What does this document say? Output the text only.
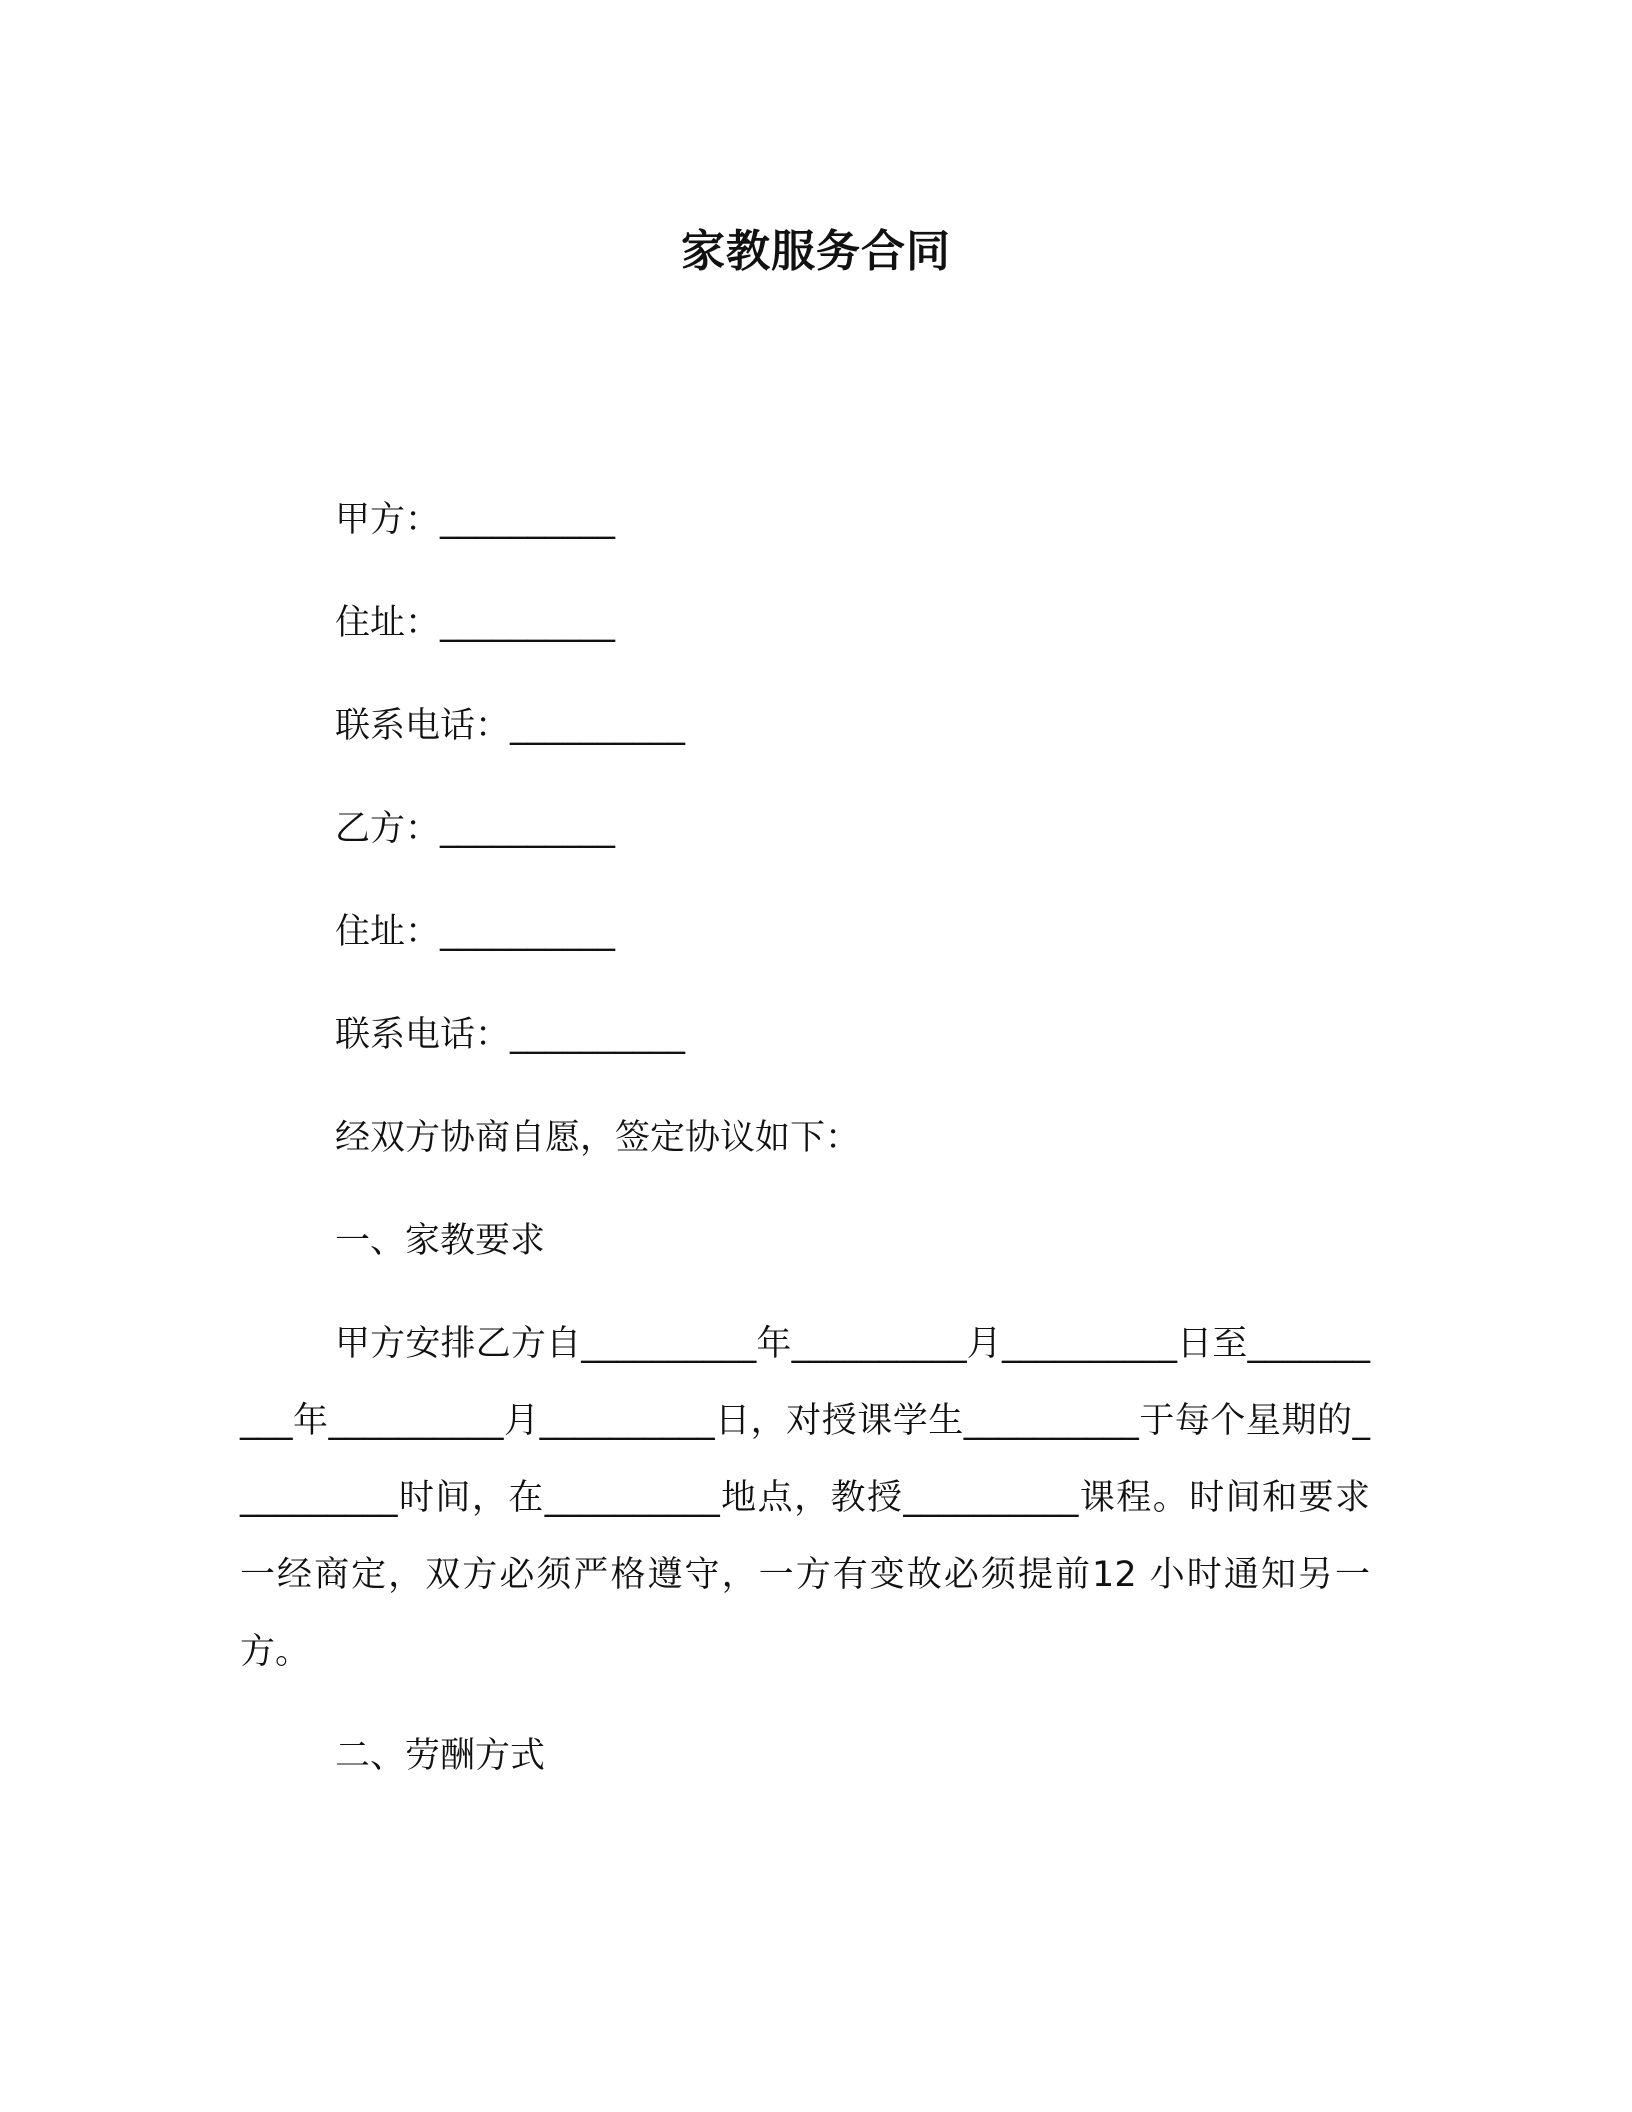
家教服务合同

甲方：__________

住址：__________

联系电话：__________

乙方：__________

住址：__________

联系电话：__________

经双方协商自愿，签定协议如下：

一、家教要求

甲方安排乙方自__________年__________月__________日至__________年__________月__________日，对授课学生__________于每个星期的__________时间，在__________地点，教授__________课程。时间和要求一经商定，双方必须严格遵守，一方有变故必须提前12 小时通知另一方。

二、劳酬方式
